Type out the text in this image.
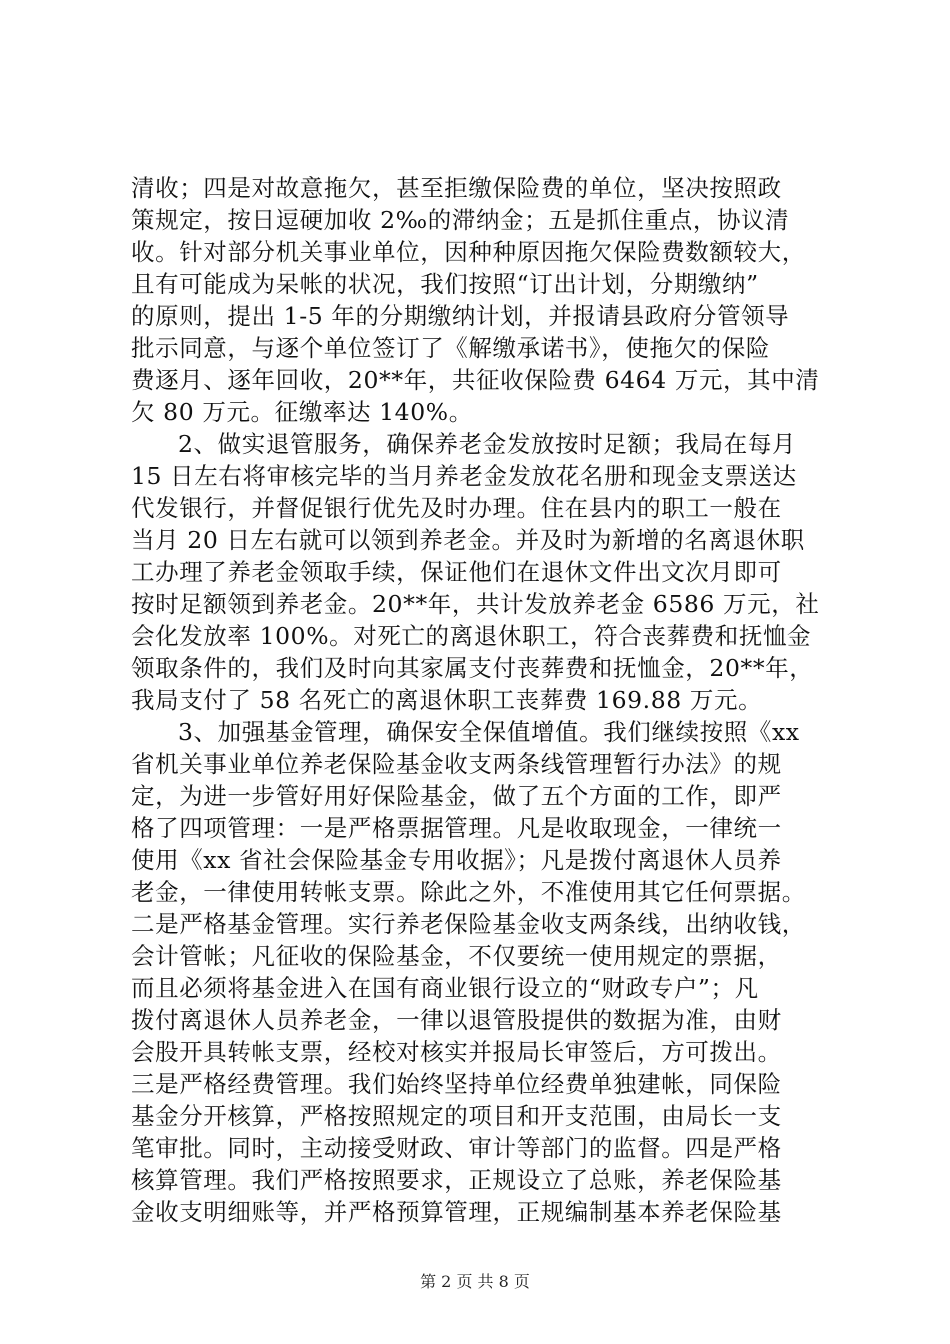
清收；四是对故意拖欠，甚至拒缴保险费的单位，坚决按照政
策规定，按日逗硬加收 2‰的滞纳金；五是抓住重点，协议清
收。针对部分机关事业单位，因种种原因拖欠保险费数额较大，
且有可能成为呆帐的状况，我们按照“订出计划，分期缴纳”
的原则，提出 1-5 年的分期缴纳计划，并报请县政府分管领导
批示同意，与逐个单位签订了《解缴承诺书》，使拖欠的保险
费逐月、逐年回收，20**年，共征收保险费 6464 万元，其中清
欠 80 万元。征缴率达 140%。
2、做实退管服务，确保养老金发放按时足额；我局在每月
15 日左右将审核完毕的当月养老金发放花名册和现金支票送达
代发银行，并督促银行优先及时办理。住在县内的职工一般在
当月 20 日左右就可以领到养老金。并及时为新增的名离退休职
工办理了养老金领取手续，保证他们在退休文件出文次月即可
按时足额领到养老金。20**年，共计发放养老金 6586 万元，社
会化发放率 100%。对死亡的离退休职工，符合丧葬费和抚恤金
领取条件的，我们及时向其家属支付丧葬费和抚恤金，20**年，
我局支付了 58 名死亡的离退休职工丧葬费 169.88 万元。
3、加强基金管理，确保安全保值增值。我们继续按照《xx
省机关事业单位养老保险基金收支两条线管理暂行办法》的规
定，为进一步管好用好保险基金，做了五个方面的工作，即严
格了四项管理：一是严格票据管理。凡是收取现金，一律统一
使用《xx 省社会保险基金专用收据》；凡是拨付离退休人员养
老金，一律使用转帐支票。除此之外，不准使用其它任何票据。
二是严格基金管理。实行养老保险基金收支两条线，出纳收钱，
会计管帐；凡征收的保险基金，不仅要统一使用规定的票据，
而且必须将基金进入在国有商业银行设立的“财政专户”；凡
拨付离退休人员养老金，一律以退管股提供的数据为准，由财
会股开具转帐支票，经校对核实并报局长审签后，方可拨出。
三是严格经费管理。我们始终坚持单位经费单独建帐，同保险
基金分开核算，严格按照规定的项目和开支范围，由局长一支
笔审批。同时，主动接受财政、审计等部门的监督。四是严格
核算管理。我们严格按照要求，正规设立了总账，养老保险基
金收支明细账等，并严格预算管理，正规编制基本养老保险基
第 2 页 共 8 页
